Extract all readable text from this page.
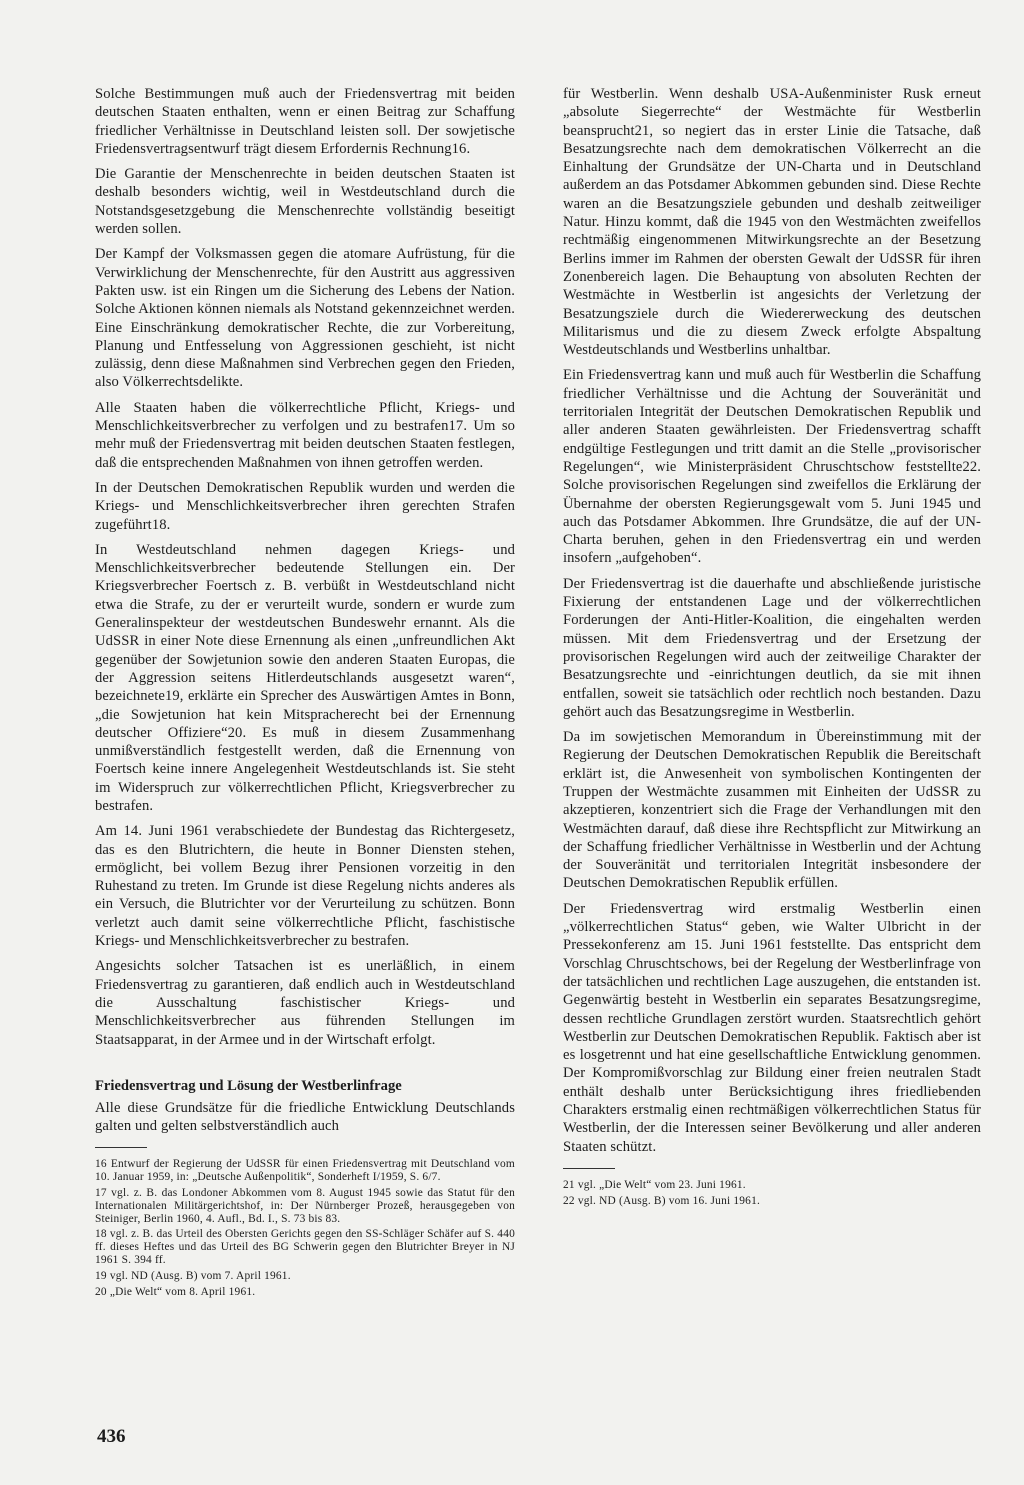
Solche Bestimmungen muß auch der Friedensvertrag mit beiden deutschen Staaten enthalten, wenn er einen Beitrag zur Schaffung friedlicher Verhältnisse in Deutschland leisten soll. Der sowjetische Friedensvertragsentwurf trägt diesem Erfordernis Rechnung16.

Die Garantie der Menschenrechte in beiden deutschen Staaten ist deshalb besonders wichtig, weil in Westdeutschland durch die Notstandsgesetzgebung die Menschenrechte vollständig beseitigt werden sollen.

Der Kampf der Volksmassen gegen die atomare Aufrüstung, für die Verwirklichung der Menschenrechte, für den Austritt aus aggressiven Pakten usw. ist ein Ringen um die Sicherung des Lebens der Nation. Solche Aktionen können niemals als Notstand gekennzeichnet werden. Eine Einschränkung demokratischer Rechte, die zur Vorbereitung, Planung und Entfesselung von Aggressionen geschieht, ist nicht zulässig, denn diese Maßnahmen sind Verbrechen gegen den Frieden, also Völkerrechtsdelikte.

Alle Staaten haben die völkerrechtliche Pflicht, Kriegs- und Menschlichkeitsverbrecher zu verfolgen und zu bestrafen17. Um so mehr muß der Friedensvertrag mit beiden deutschen Staaten festlegen, daß die entsprechenden Maßnahmen von ihnen getroffen werden.

In der Deutschen Demokratischen Republik wurden und werden die Kriegs- und Menschlichkeitsverbrecher ihren gerechten Strafen zugeführt18.

In Westdeutschland nehmen dagegen Kriegs- und Menschlichkeitsverbrecher bedeutende Stellungen ein. Der Kriegsverbrecher Foertsch z. B. verbüßt in Westdeutschland nicht etwa die Strafe, zu der er verurteilt wurde, sondern er wurde zum Generalinspekteur der westdeutschen Bundeswehr ernannt. Als die UdSSR in einer Note diese Ernennung als einen „unfreundlichen Akt gegenüber der Sowjetunion sowie den anderen Staaten Europas, die der Aggression seitens Hitlerdeutschlands ausgesetzt waren“, bezeichnete19, erklärte ein Sprecher des Auswärtigen Amtes in Bonn, „die Sowjetunion hat kein Mitspracherecht bei der Ernennung deutscher Offiziere“20. Es muß in diesem Zusammenhang unmißverständlich festgestellt werden, daß die Ernennung von Foertsch keine innere Angelegenheit Westdeutschlands ist. Sie steht im Widerspruch zur völkerrechtlichen Pflicht, Kriegsverbrecher zu bestrafen.

Am 14. Juni 1961 verabschiedete der Bundestag das Richtergesetz, das es den Blutrichtern, die heute in Bonner Diensten stehen, ermöglicht, bei vollem Bezug ihrer Pensionen vorzeitig in den Ruhestand zu treten. Im Grunde ist diese Regelung nichts anderes als ein Versuch, die Blutrichter vor der Verurteilung zu schützen. Bonn verletzt auch damit seine völkerrechtliche Pflicht, faschistische Kriegs- und Menschlichkeitsverbrecher zu bestrafen.

Angesichts solcher Tatsachen ist es unerläßlich, in einem Friedensvertrag zu garantieren, daß endlich auch in Westdeutschland die Ausschaltung faschistischer Kriegs- und Menschlichkeitsverbrecher aus führenden Stellungen im Staatsapparat, in der Armee und in der Wirtschaft erfolgt.

Friedensvertrag und Lösung der Westberlinfrage

Alle diese Grundsätze für die friedliche Entwicklung Deutschlands galten und gelten selbstverständlich auch

16 Entwurf der Regierung der UdSSR für einen Friedensvertrag mit Deutschland vom 10. Januar 1959, in: „Deutsche Außenpolitik“, Sonderheft I/1959, S. 6/7.

17 vgl. z. B. das Londoner Abkommen vom 8. August 1945 sowie das Statut für den Internationalen Militärgerichtshof, in: Der Nürnberger Prozeß, herausgegeben von Steiniger, Berlin 1960, 4. Aufl., Bd. I., S. 73 bis 83.

18 vgl. z. B. das Urteil des Obersten Gerichts gegen den SS-Schläger Schäfer auf S. 440 ff. dieses Heftes und das Urteil des BG Schwerin gegen den Blutrichter Breyer in NJ 1961 S. 394 ff.

19 vgl. ND (Ausg. B) vom 7. April 1961.

20 „Die Welt“ vom 8. April 1961.

für Westberlin. Wenn deshalb USA-Außenminister Rusk erneut „absolute Siegerrechte“ der Westmächte für Westberlin beansprucht21, so negiert das in erster Linie die Tatsache, daß Besatzungsrechte nach dem demokratischen Völkerrecht an die Einhaltung der Grundsätze der UN-Charta und in Deutschland außerdem an das Potsdamer Abkommen gebunden sind. Diese Rechte waren an die Besatzungsziele gebunden und deshalb zeitweiliger Natur. Hinzu kommt, daß die 1945 von den Westmächten zweifellos rechtmäßig eingenommenen Mitwirkungsrechte an der Besetzung Berlins immer im Rahmen der obersten Gewalt der UdSSR für ihren Zonenbereich lagen. Die Behauptung von absoluten Rechten der Westmächte in Westberlin ist angesichts der Verletzung der Besatzungsziele durch die Wiedererweckung des deutschen Militarismus und die zu diesem Zweck erfolgte Abspaltung Westdeutschlands und Westberlins unhaltbar.

Ein Friedensvertrag kann und muß auch für Westberlin die Schaffung friedlicher Verhältnisse und die Achtung der Souveränität und territorialen Integrität der Deutschen Demokratischen Republik und aller anderen Staaten gewährleisten. Der Friedensvertrag schafft endgültige Festlegungen und tritt damit an die Stelle „provisorischer Regelungen“, wie Ministerpräsident Chruschtschow feststellte22. Solche provisorischen Regelungen sind zweifellos die Erklärung der Übernahme der obersten Regierungsgewalt vom 5. Juni 1945 und auch das Potsdamer Abkommen. Ihre Grundsätze, die auf der UN-Charta beruhen, gehen in den Friedensvertrag ein und werden insofern „aufgehoben“.

Der Friedensvertrag ist die dauerhafte und abschließende juristische Fixierung der entstandenen Lage und der völkerrechtlichen Forderungen der Anti-Hitler-Koalition, die eingehalten werden müssen. Mit dem Friedensvertrag und der Ersetzung der provisorischen Regelungen wird auch der zeitweilige Charakter der Besatzungsrechte und -einrichtungen deutlich, da sie mit ihnen entfallen, soweit sie tatsächlich oder rechtlich noch bestanden. Dazu gehört auch das Besatzungsregime in Westberlin.

Da im sowjetischen Memorandum in Übereinstimmung mit der Regierung der Deutschen Demokratischen Republik die Bereitschaft erklärt ist, die Anwesenheit von symbolischen Kontingenten der Truppen der Westmächte zusammen mit Einheiten der UdSSR zu akzeptieren, konzentriert sich die Frage der Verhandlungen mit den Westmächten darauf, daß diese ihre Rechtspflicht zur Mitwirkung an der Schaffung friedlicher Verhältnisse in Westberlin und der Achtung der Souveränität und territorialen Integrität insbesondere der Deutschen Demokratischen Republik erfüllen.

Der Friedensvertrag wird erstmalig Westberlin einen „völkerrechtlichen Status“ geben, wie Walter Ulbricht in der Pressekonferenz am 15. Juni 1961 feststellte. Das entspricht dem Vorschlag Chruschtschows, bei der Regelung der Westberlinfrage von der tatsächlichen und rechtlichen Lage auszugehen, die entstanden ist. Gegenwärtig besteht in Westberlin ein separates Besatzungsregime, dessen rechtliche Grundlagen zerstört wurden. Staatsrechtlich gehört Westberlin zur Deutschen Demokratischen Republik. Faktisch aber ist es losgetrennt und hat eine gesellschaftliche Entwicklung genommen. Der Kompromißvorschlag zur Bildung einer freien neutralen Stadt enthält deshalb unter Berücksichtigung ihres friedliebenden Charakters erstmalig einen rechtmäßigen völkerrechtlichen Status für Westberlin, der die Interessen seiner Bevölkerung und aller anderen Staaten schützt.

21 vgl. „Die Welt“ vom 23. Juni 1961.

22 vgl. ND (Ausg. B) vom 16. Juni 1961.

436
